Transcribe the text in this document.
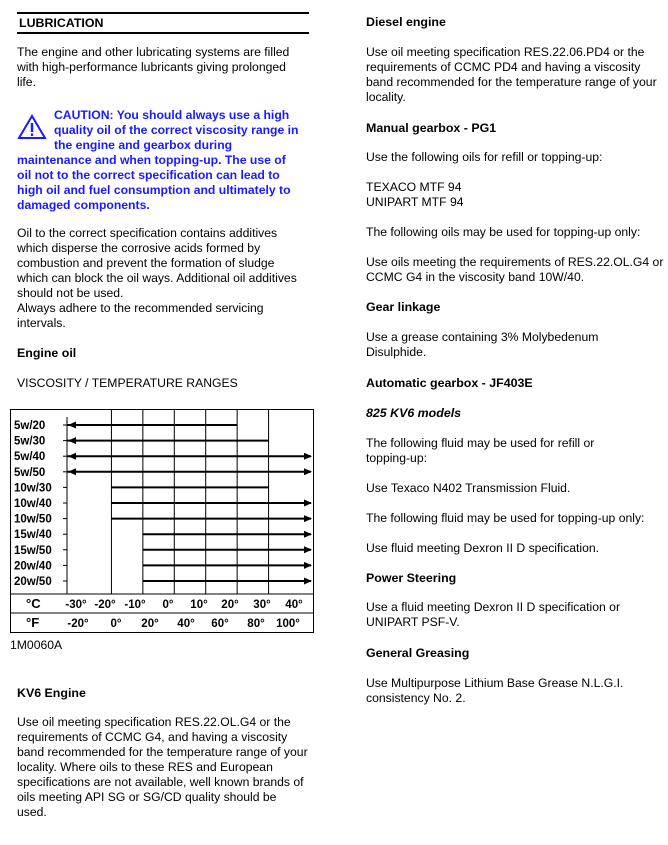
LUBRICATION

The engine and other lubricating systems are filled with high-performance lubricants giving prolonged life.

CAUTION: You should always use a high
quality oil of the correct viscosity range in
the engine and gearbox during
maintenance and when topping-up. The use of oil not to the correct specification can lead to high oil and fuel consumption and ultimately to damaged components.

Oil to the correct specification contains additives which disperse the corrosive acids formed by combustion and prevent the formation of sludge which can block the oil ways. Additional oil additives should not be used.

Always adhere to the recommended servicing intervals.

Engine oil

VISCOSITY / TEMPERATURE RANGES

5w/20
5w/30
5w/40
5w/50
10w/30
10w/40
10w/50
15w/40
15w/50
20w/40
20w/50
°C -30° -20° -10° 0° 10° 20° 30° 40°
°F -20° 0° 20° 40° 60° 80° 100°

1M0060A

KV6 Engine

Use oil meeting specification RES.22.OL.G4 or the requirements of CCMC G4, and having a viscosity band recommended for the temperature range of your locality. Where oils to these RES and European specifications are not available, well known brands of oils meeting API SG or SG/CD quality should be used.

Diesel engine

Use oil meeting specification RES.22.06.PD4 or the requirements of CCMC PD4 and having a viscosity band recommended for the temperature range of your locality.

Manual gearbox - PG1

Use the following oils for refill or topping-up:

TEXACO MTF 94
UNIPART MTF 94

The following oils may be used for topping-up only:

Use oils meeting the requirements of RES.22.OL.G4 or CCMC G4 in the viscosity band 10W/40.

Gear linkage

Use a grease containing 3% Molybedenum Disulphide.

Automatic gearbox - JF403E
825 KV6 models

The following fluid may be used for refill or topping-up:

Use Texaco N402 Transmission Fluid.

The following fluid may be used for topping-up only:

Use fluid meeting Dexron II D specification.

Power Steering

Use a fluid meeting Dexron II D specification or UNIPART PSF-V.

General Greasing

Use Multipurpose Lithium Base Grease N.L.G.I. consistency No. 2.
